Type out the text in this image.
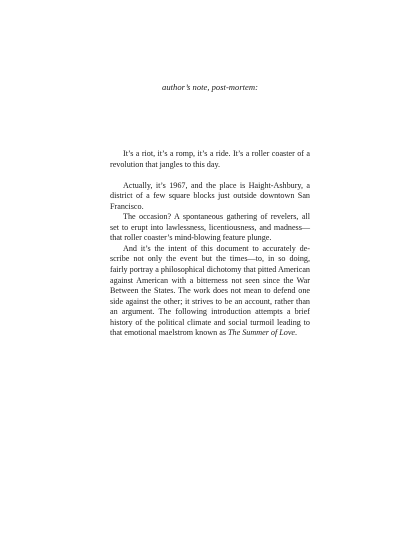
author’s note, post-mortem:

It’s a riot, it’s a romp, it’s a ride. It’s a roller coaster of a revolution that jangles to this day.

Actually, it’s 1967, and the place is Haight-Ashbury, a district of a few square blocks just outside downtown San Francisco.

The occasion? A spontaneous gathering of revelers, all set to erupt into lawlessness, licentiousness, and madness—that roller coaster’s mind-blowing feature plunge.

And it’s the intent of this document to accurately describe not only the event but the times—to, in so doing, fairly portray a philosophical dichotomy that pitted American against American with a bitterness not seen since the War Between the States. The work does not mean to defend one side against the other; it strives to be an account, rather than an argument. The following introduction attempts a brief history of the political climate and social turmoil leading to that emotional maelstrom known as The Summer of Love.
